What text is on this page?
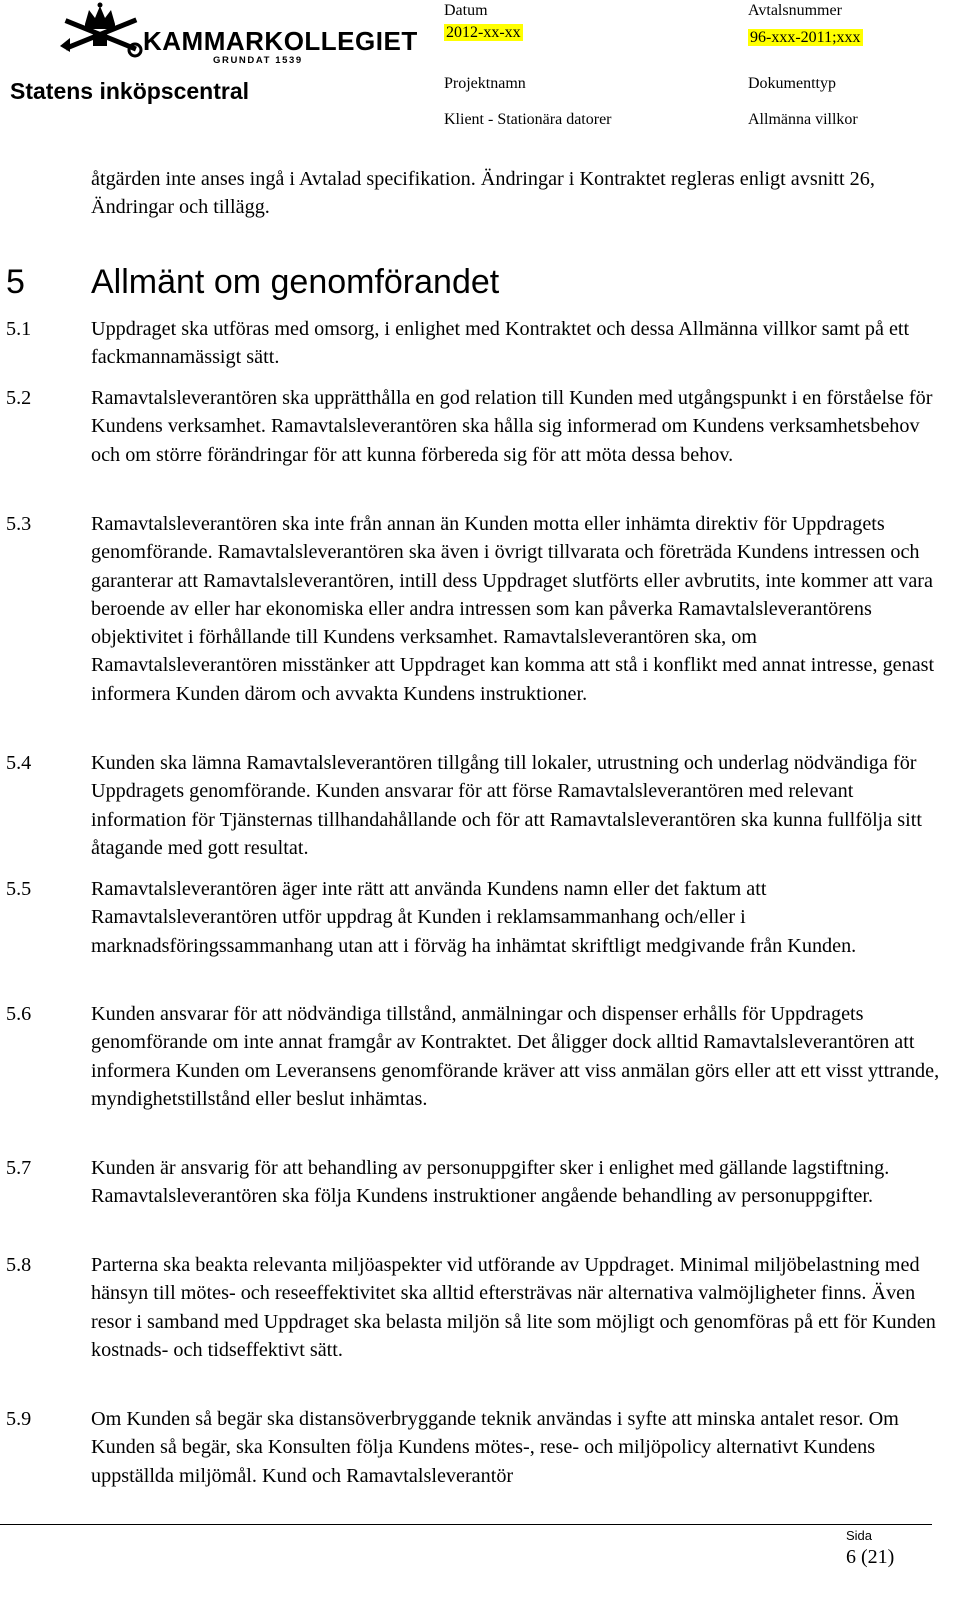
KAMMARKOLLEGIET
GRUNDAT 1539
Statens inköpscentral
Datum
2012-xx-xx
Avtalsnummer
96-xxx-2011;xxx
Projektnamn
Klient - Stationära datorer
Dokumenttyp
Allmänna villkor
åtgärden inte anses ingå i Avtalad specifikation. Ändringar i Kontraktet regleras enligt avsnitt 26, Ändringar och tillägg.
5 Allmänt om genomförandet
5.1	Uppdraget ska utföras med omsorg, i enlighet med Kontraktet och dessa Allmänna villkor samt på ett fackmannamässigt sätt.
5.2	Ramavtalsleverantören ska upprätthålla en god relation till Kunden med utgångspunkt i en förståelse för Kundens verksamhet. Ramavtalsleverantören ska hålla sig informerad om Kundens verksamhetsbehov och om större förändringar för att kunna förbereda sig för att möta dessa behov.
5.3	Ramavtalsleverantören ska inte från annan än Kunden motta eller inhämta direktiv för Uppdragets genomförande. Ramavtalsleverantören ska även i övrigt tillvarata och företräda Kundens intressen och garanterar att Ramavtalsleverantören, intill dess Uppdraget slutförts eller avbrutits, inte kommer att vara beroende av eller har ekonomiska eller andra intressen som kan påverka Ramavtalsleverantörens objektivitet i förhållande till Kundens verksamhet. Ramavtalsleverantören ska, om Ramavtalsleverantören misstänker att Uppdraget kan komma att stå i konflikt med annat intresse, genast informera Kunden därom och avvakta Kundens instruktioner.
5.4	Kunden ska lämna Ramavtalsleverantören tillgång till lokaler, utrustning och underlag nödvändiga för Uppdragets genomförande. Kunden ansvarar för att förse Ramavtalsleverantören med relevant information för Tjänsternas tillhandahållande och för att Ramavtalsleverantören ska kunna fullfölja sitt åtagande med gott resultat.
5.5	Ramavtalsleverantören äger inte rätt att använda Kundens namn eller det faktum att Ramavtalsleverantören utför uppdrag åt Kunden i reklamsammanhang och/eller i marknadsföringssammanhang utan att i förväg ha inhämtat skriftligt medgivande från Kunden.
5.6	Kunden ansvarar för att nödvändiga tillstånd, anmälningar och dispenser erhålls för Uppdragets genomförande om inte annat framgår av Kontraktet. Det åligger dock alltid Ramavtalsleverantören att informera Kunden om Leveransens genomförande kräver att viss anmälan görs eller att ett visst yttrande, myndighetstillstånd eller beslut inhämtas.
5.7	Kunden är ansvarig för att behandling av personuppgifter sker i enlighet med gällande lagstiftning. Ramavtalsleverantören ska följa Kundens instruktioner angående behandling av personuppgifter.
5.8	Parterna ska beakta relevanta miljöaspekter vid utförande av Uppdraget. Minimal miljöbelastning med hänsyn till mötes- och reseeffektivitet ska alltid eftersträvas när alternativa valmöjligheter finns. Även resor i samband med Uppdraget ska belasta miljön så lite som möjligt och genomföras på ett för Kunden kostnads- och tidseffektivt sätt.
5.9	Om Kunden så begär ska distansöverbryggande teknik användas i syfte att minska antalet resor. Om Kunden så begär, ska Konsulten följa Kundens mötes-, rese- och miljöpolicy alternativt Kundens uppställda miljömål. Kund och Ramavtalsleverantör
Sida
6 (21)
